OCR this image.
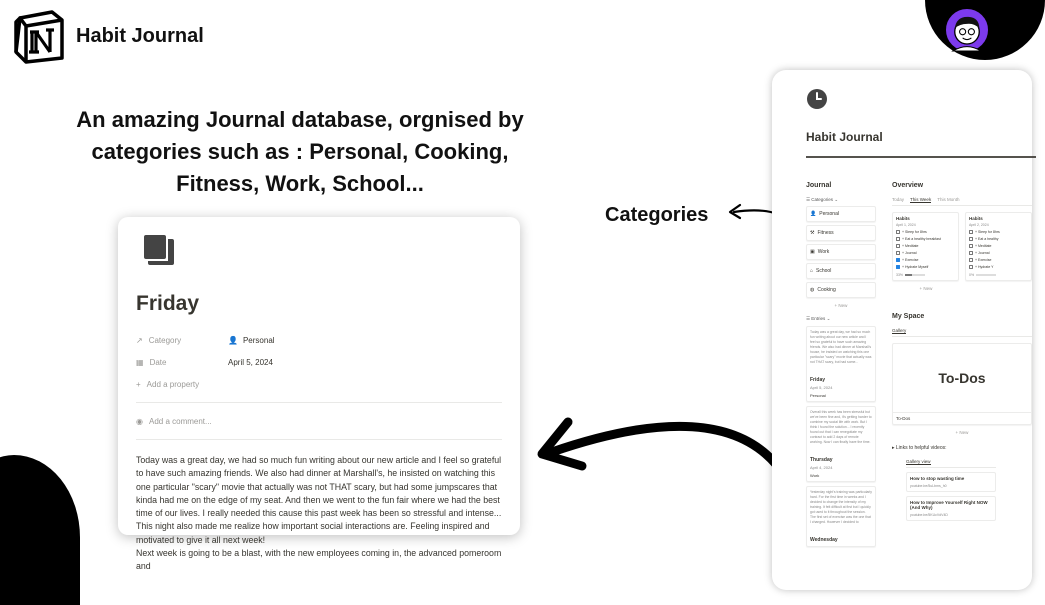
Habit Journal
An amazing Journal database, orgnised by
categories such as : Personal, Cooking,
Fitness, Work, School...
Friday
↗ Category	👤 Personal
▦ Date	April 5, 2024
+ Add a property
◉ Add a comment...

Today was a great day, we had so much fun writing about our new article and I feel so grateful to have such amazing friends. We also had dinner at Marshall's, he insisted on watching this one particular "scary" movie that actually was not THAT scary, but had some jumpscares that kinda had me on the edge of my seat. And then we went to the fun fair where we had the best time of our lives. I really needed this cause this past week has been so stressful and intense... This night also made me realize how important social interactions are. Feeling inspired and motivated to give it all next week!

Next week is going to be a blast, with the new employees coming in, the advanced pomeroom and

Categories
Habit Journal
Journal
☰ Categories ⌄
👤 Personal
⚒ Fitness
▣ Work
⌂ School
◍ Cooking
+ New
☰ Entries ⌄
Today was a great day, we had so much fun writing about our new article and I feel so grateful to have such amazing friends. We also had dinner at Marshall's house, he insisted on watching this one particular "scary" movie that actually was not THAT scary, but had some...
Friday
April 5, 2024
Personal
Overall this week has been stressful but we've been fine and, it's getting harder to combine my social life with work. But I think I found the solution... I recently found out that I can renegotiate my contract to add 2 days of remote working. Now I can finally have the time.
Thursday
April 4, 2024
Work
Yesterday night's training was particularly hard. For the first time in weeks and I decided to change the intensity of my training. It felt difficult at first but I quickly got used to it throughout the session. The first set of exercise was the one that I changed. However I decided to
Wednesday
Overview
Today This Week This Month
Habits
April 1, 2024
+ Sleep for 8hrs
+ Eat a healthy breakfast
+ Meditate
+ Journal
+ Exercise
+ Hydrate Myself
33%
Habits
April 2, 2024
+ Sleep for 8hrs
+ Eat a healthy
+ Meditate
+ Journal
+ Exercise
+ Hydrate Y
0%
+ New
My Space
Gallery
To-Dos
To-Dos
+ New
▸ Links to helpful videos:
Gallery view
How to stop wasting time
youtube.be/5uLbms_h0
How to Improve Yourself Right NOW (And Why)
youtube.be/5KUcVdV4D
